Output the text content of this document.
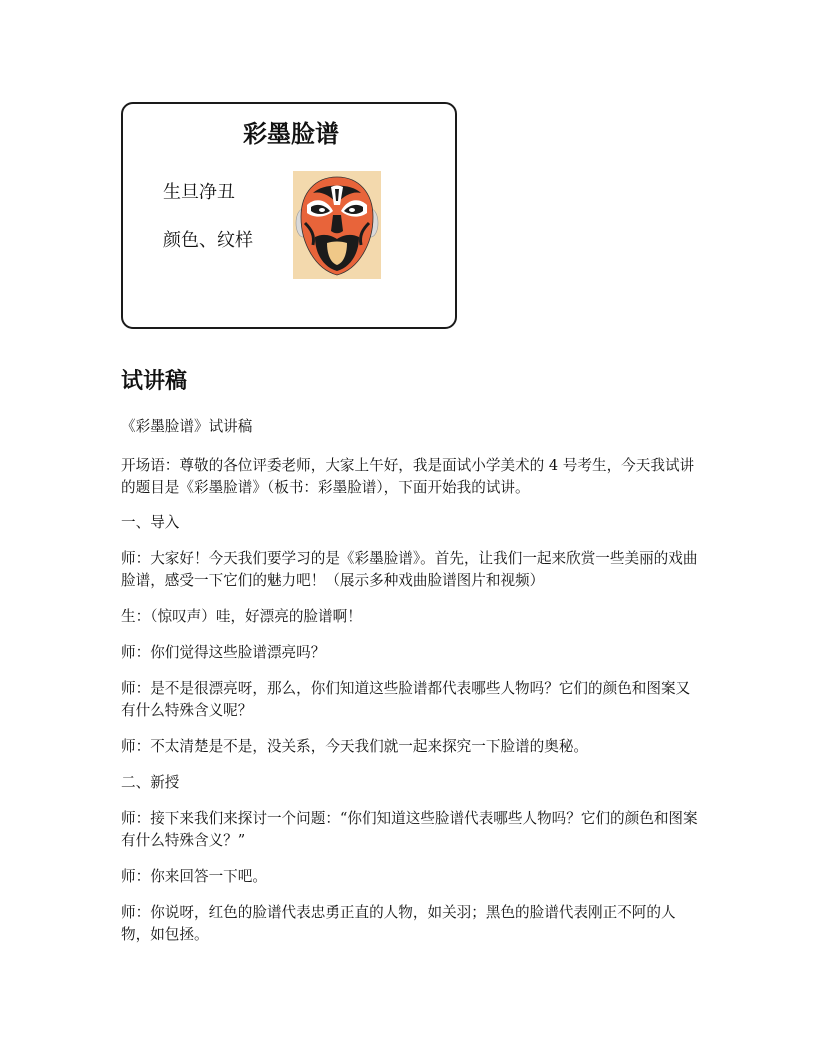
彩墨脸谱
生旦净丑
颜色、纹样
试讲稿

《彩墨脸谱》试讲稿

开场语：尊敬的各位评委老师，大家上午好，我是面试小学美术的 4 号考生，今天我试讲的题目是《彩墨脸谱》（板书：彩墨脸谱），下面开始我的试讲。

一、导入

师：大家好！今天我们要学习的是《彩墨脸谱》。首先，让我们一起来欣赏一些美丽的戏曲脸谱，感受一下它们的魅力吧！（展示多种戏曲脸谱图片和视频）

生：（惊叹声）哇，好漂亮的脸谱啊！

师：你们觉得这些脸谱漂亮吗？

师：是不是很漂亮呀，那么，你们知道这些脸谱都代表哪些人物吗？它们的颜色和图案又有什么特殊含义呢？

师：不太清楚是不是，没关系，今天我们就一起来探究一下脸谱的奥秘。

二、新授

师：接下来我们来探讨一个问题：“你们知道这些脸谱代表哪些人物吗？它们的颜色和图案有什么特殊含义？”

师：你来回答一下吧。

师：你说呀，红色的脸谱代表忠勇正直的人物，如关羽；黑色的脸谱代表刚正不阿的人物，如包拯。
